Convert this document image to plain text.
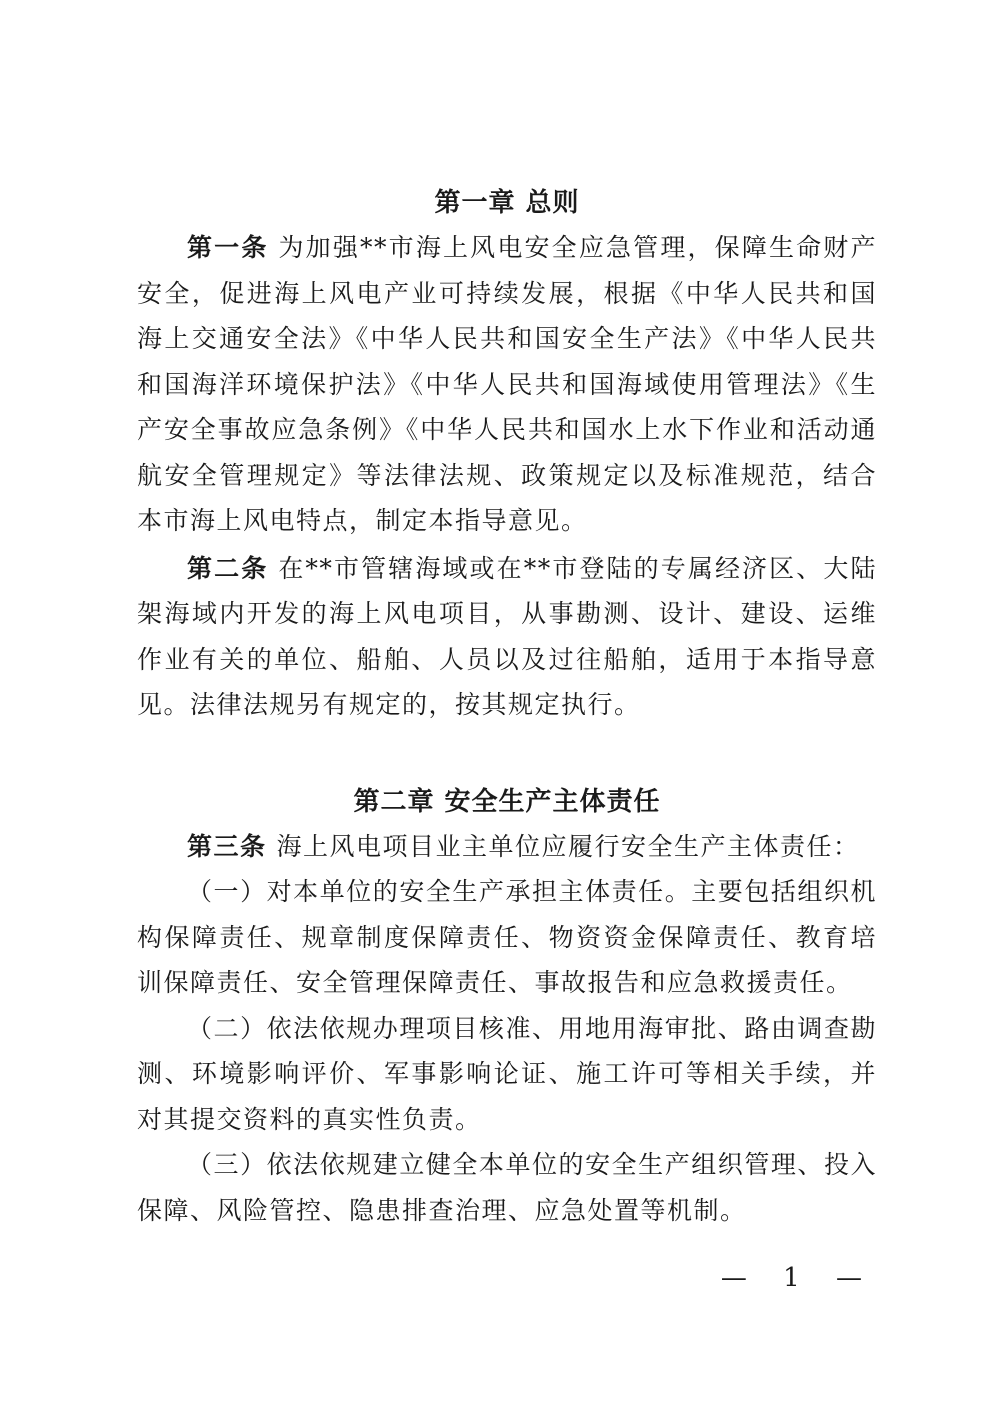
第一章 总则

第一条 为加强**市海上风电安全应急管理，保障生命财产安全，促进海上风电产业可持续发展，根据《中华人民共和国海上交通安全法》《中华人民共和国安全生产法》《中华人民共和国海洋环境保护法》《中华人民共和国海域使用管理法》《生产安全事故应急条例》《中华人民共和国水上水下作业和活动通航安全管理规定》等法律法规、政策规定以及标准规范，结合本市海上风电特点，制定本指导意见。

第二条 在**市管辖海域或在**市登陆的专属经济区、大陆架海域内开发的海上风电项目，从事勘测、设计、建设、运维作业有关的单位、船舶、人员以及过往船舶，适用于本指导意见。法律法规另有规定的，按其规定执行。

第二章 安全生产主体责任

第三条 海上风电项目业主单位应履行安全生产主体责任：

（一）对本单位的安全生产承担主体责任。主要包括组织机构保障责任、规章制度保障责任、物资资金保障责任、教育培训保障责任、安全管理保障责任、事故报告和应急救援责任。

（二）依法依规办理项目核准、用地用海审批、路由调查勘测、环境影响评价、军事影响论证、施工许可等相关手续，并对其提交资料的真实性负责。

（三）依法依规建立健全本单位的安全生产组织管理、投入保障、风险管控、隐患排查治理、应急处置等机制。

— 1 —
